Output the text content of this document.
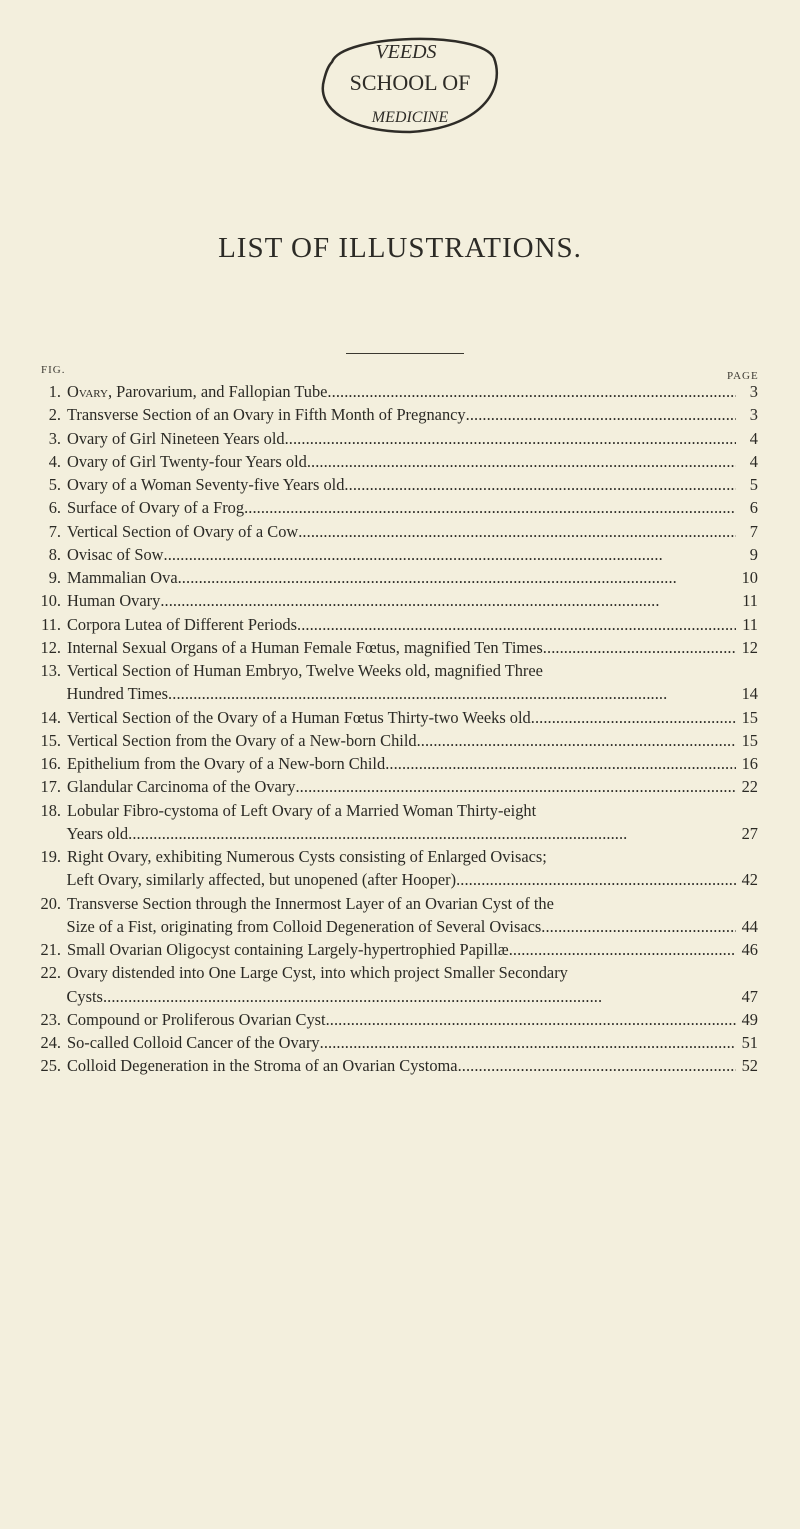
VEEDS
SCHOOL OF
MEDICINE
LIST OF ILLUSTRATIONS.
FIG.	PAGE
1. Ovary, Parovarium, and Fallopian Tube . . .	3
2. Transverse Section of an Ovary in Fifth Month of Pregnancy . . .	3
3. Ovary of Girl Nineteen Years old . . .	4
4. Ovary of Girl Twenty-four Years old . . .	4
5. Ovary of a Woman Seventy-five Years old . . .	5
6. Surface of Ovary of a Frog . . .	6
7. Vertical Section of Ovary of a Cow . . .	7
8. Ovisac of Sow . . .	9
9. Mammalian Ova . . .	10
10. Human Ovary . . .	11
11. Corpora Lutea of Different Periods . . .	11
12. Internal Sexual Organs of a Human Female Fœtus, magnified Ten Times . . .	12
13. Vertical Section of Human Embryo, Twelve Weeks old, magnified Three
Hundred Times . . .	14
14. Vertical Section of the Ovary of a Human Fœtus Thirty-two Weeks old . . .	15
15. Vertical Section from the Ovary of a New-born Child . . .	15
16. Epithelium from the Ovary of a New-born Child . . .	16
17. Glandular Carcinoma of the Ovary . . .	22
18. Lobular Fibro-cystoma of Left Ovary of a Married Woman Thirty-eight
Years old . . .	27
19. Right Ovary, exhibiting Numerous Cysts consisting of Enlarged Ovisacs;
Left Ovary, similarly affected, but unopened (after Hooper) . . .	42
20. Transverse Section through the Innermost Layer of an Ovarian Cyst of the
Size of a Fist, originating from Colloid Degeneration of Several Ovisacs . . .	44
21. Small Ovarian Oligocyst containing Largely-hypertrophied Papillæ . . .	46
22. Ovary distended into One Large Cyst, into which project Smaller Secondary
Cysts . . .	47
23. Compound or Proliferous Ovarian Cyst . . .	49
24. So-called Colloid Cancer of the Ovary . . .	51
25. Colloid Degeneration in the Stroma of an Ovarian Cystoma . . .	52
